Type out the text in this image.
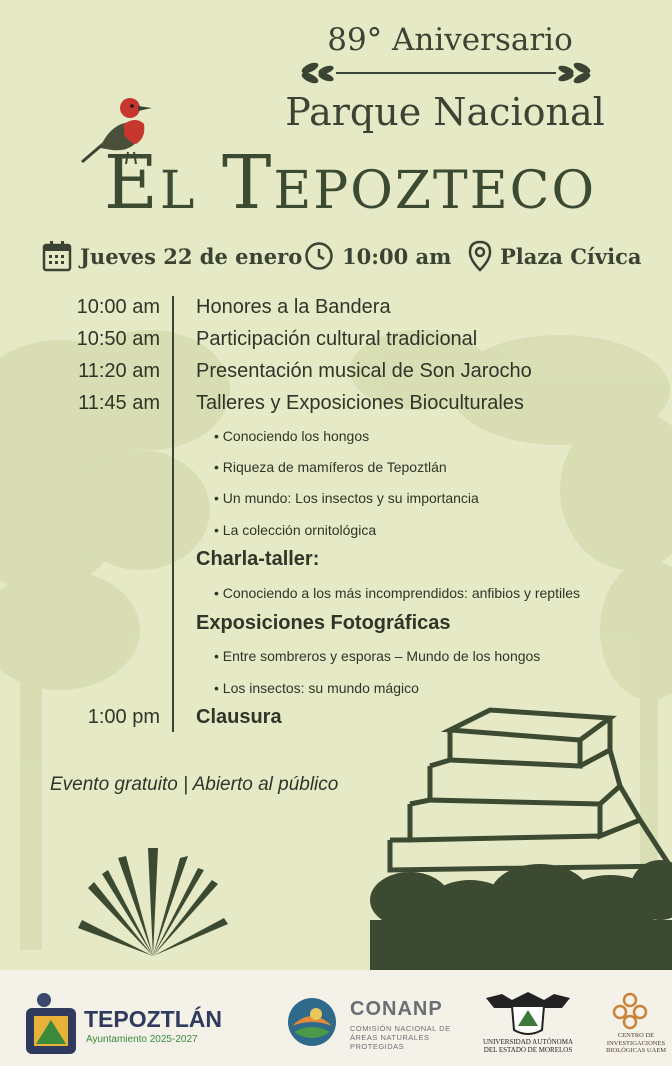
89° Aniversario
Parque Nacional
El Tepozteco
Jueves 22 de enero 10:00 am Plaza Cívica
10:00 am Honores a la Bandera
10:50 am Participación cultural tradicional
11:20 am Presentación musical de Son Jarocho
11:45 am Talleres y Exposiciones Bioculturales
• Conociendo los hongos
• Riqueza de mamíferos de Tepoztlán
• Un mundo: Los insectos y su importancia
• La colección ornitológica
Charla-taller:
• Conociendo a los más incomprendidos: anfibios y reptiles
Exposiciones Fotográficas
• Entre sombreros y esporas – Mundo de los hongos
• Los insectos: su mundo mágico
1:00 pm Clausura
Evento gratuito | Abierto al público
TEPOZTLÁN
Ayuntamiento 2025-2027
CONANP
COMISIÓN NACIONAL DE ÁREAS NATURALES PROTEGIDAS	UNIVERSIDAD AUTÓNOMA DEL ESTADO DE MORELOS
CENTRO DE INVESTIGACIONES BIOLÓGICAS UAEM
